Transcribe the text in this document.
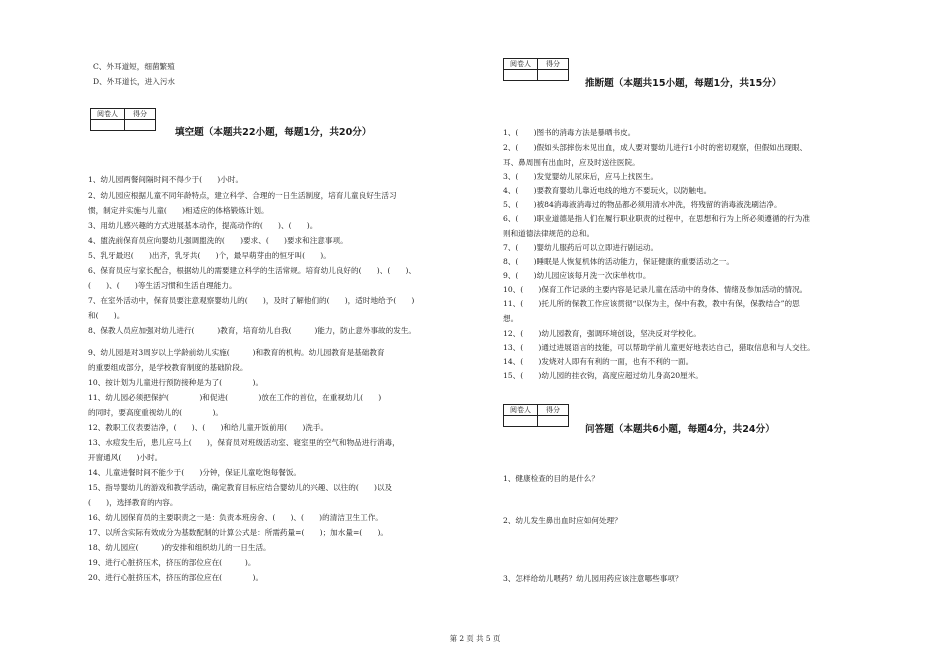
C、外耳道短，细菌繁殖
D、外耳道长，进入污水
阅卷人	得分

填空题（本题共22小题，每题1分，共20分）
1、幼儿园两餐间隔时间不得少于(　　)小时。
2、幼儿园应根据儿童不同年龄特点，建立科学、合理的一日生活制度，培育儿童良好生活习
惯，制定并实施与儿童(　　)相适应的体格锻炼计划。
3、用幼儿感兴趣的方式进展基本动作，提高动作的(　　)、(　　)。
4、盥洗前保育员应向婴幼儿强调盥洗的(　　)要求、(　　)要求和注意事项。
5、乳牙最迟(　　)出齐，乳牙共(　　)个，最早萌芽由的恒牙叫(　　)。
6、保育员应与家长配合，根据幼儿的需要建立科学的生活常规。培育幼儿良好的(　　)、(　　)、
(　　)、(　　)等生活习惯和生活自理能力。
7、在室外活动中，保育员要注意观察婴幼儿的(　　)，及时了解他们的(　　)，适时地给予(　　)
和(　　)。
8、保教人员应加强对幼儿进行(　　　)教育，培育幼儿自我(　　　)能力，防止意外事故的发生。
9、幼儿园是对3周岁以上学龄前幼儿实施(　　　)和教育的机构。幼儿园教育是基础教育
的重要组成部分，是学校教育制度的基础阶段。
10、按计划为儿童进行预防接种是为了(　　　　)。
11、幼儿园必须把保护(　　　　)和促进(　　　　)放在工作的首位，在重视幼儿(　　)
的同时，要高度重视幼儿的(　　　　)。
12、教职工仪表要洁净，(　　)、(　　)和给儿童开饭前用(　　)洗手。
13、水痘发生后，患儿应马上(　　)，保育员对班级活动室、寝室里的空气和物品进行消毒，
开窗通风(　　)小时。
14、儿童进餐时间不能少于(　　)分钟，保证儿童吃饱每餐饭。
15、指导婴幼儿的游戏和教学活动，确定教育目标应结合婴幼儿的兴趣、以往的(　　)以及
(　　)，选择教育的内容。
16、幼儿园保育员的主要职责之一是：负责本班房舍、(　　)、(　　)的清洁卫生工作。
17、以所含实际有效成分为基数配制的计算公式是：所需药量=(　　)；加水量=(　　)。
18、幼儿园应(　　　)的安排和组织幼儿的一日生活。
19、进行心脏挤压术，挤压的部位应在(　　　)。
20、进行心脏挤压术，挤压的部位应在(　　　　)。
阅卷人	得分

推断题（本题共15小题，每题1分，共15分）
1、(　　)图书的消毒方法是暴晒书皮。
2、(　　)假如头部摔伤未见出血，成人要对婴幼儿进行1小时的密切观察，但假如出现眼、
耳、鼻周围有出血时，应及时送往医院。
3、(　　)发觉婴幼儿尿床后，应马上找医生。
4、(　　)要教育婴幼儿靠近电线的地方不要玩火，以防触电。
5、(　　)被84消毒液消毒过的物品都必须用清水冲洗，将残留的消毒液洗刷洁净。
6、(　　)职业道德是指人们在履行职业职责的过程中，在思想和行为上所必须遵循的行为准
则和道德法律规范的总和。
7、(　　)婴幼儿服药后可以立即进行剧运动。
8、(　　)睡眠是人恢复机体的活动能力，保证健康的重要活动之一。
9、(　　)幼儿园应该每月洗一次床单枕巾。
10、(　　)保育工作记录的主要内容是记录儿童在活动中的身体、情绪及参加活动的情况。
11、(　　)托儿所的保教工作应该贯彻“以保为主，保中有教，教中有保，保教结合”的思
想。
12、(　　)幼儿园教育，强调环境创设，坚决反对学校化。
13、(　　)通过进展语言的技能，可以帮助学前儿童更好地表达自己，猎取信息和与人交往。
14、(　　)发烧对人即有有利的一面，也有不利的一面。
15、(　　)幼儿园的挂衣钩，高度应超过幼儿身高20厘米。
阅卷人	得分

问答题（本题共6小题，每题4分，共24分）
1、健康检查的目的是什么？
2、幼儿发生鼻出血时应如何处理？
3、怎样给幼儿喂药？幼儿园用药应该注意哪些事项？
第 2 页 共 5 页
